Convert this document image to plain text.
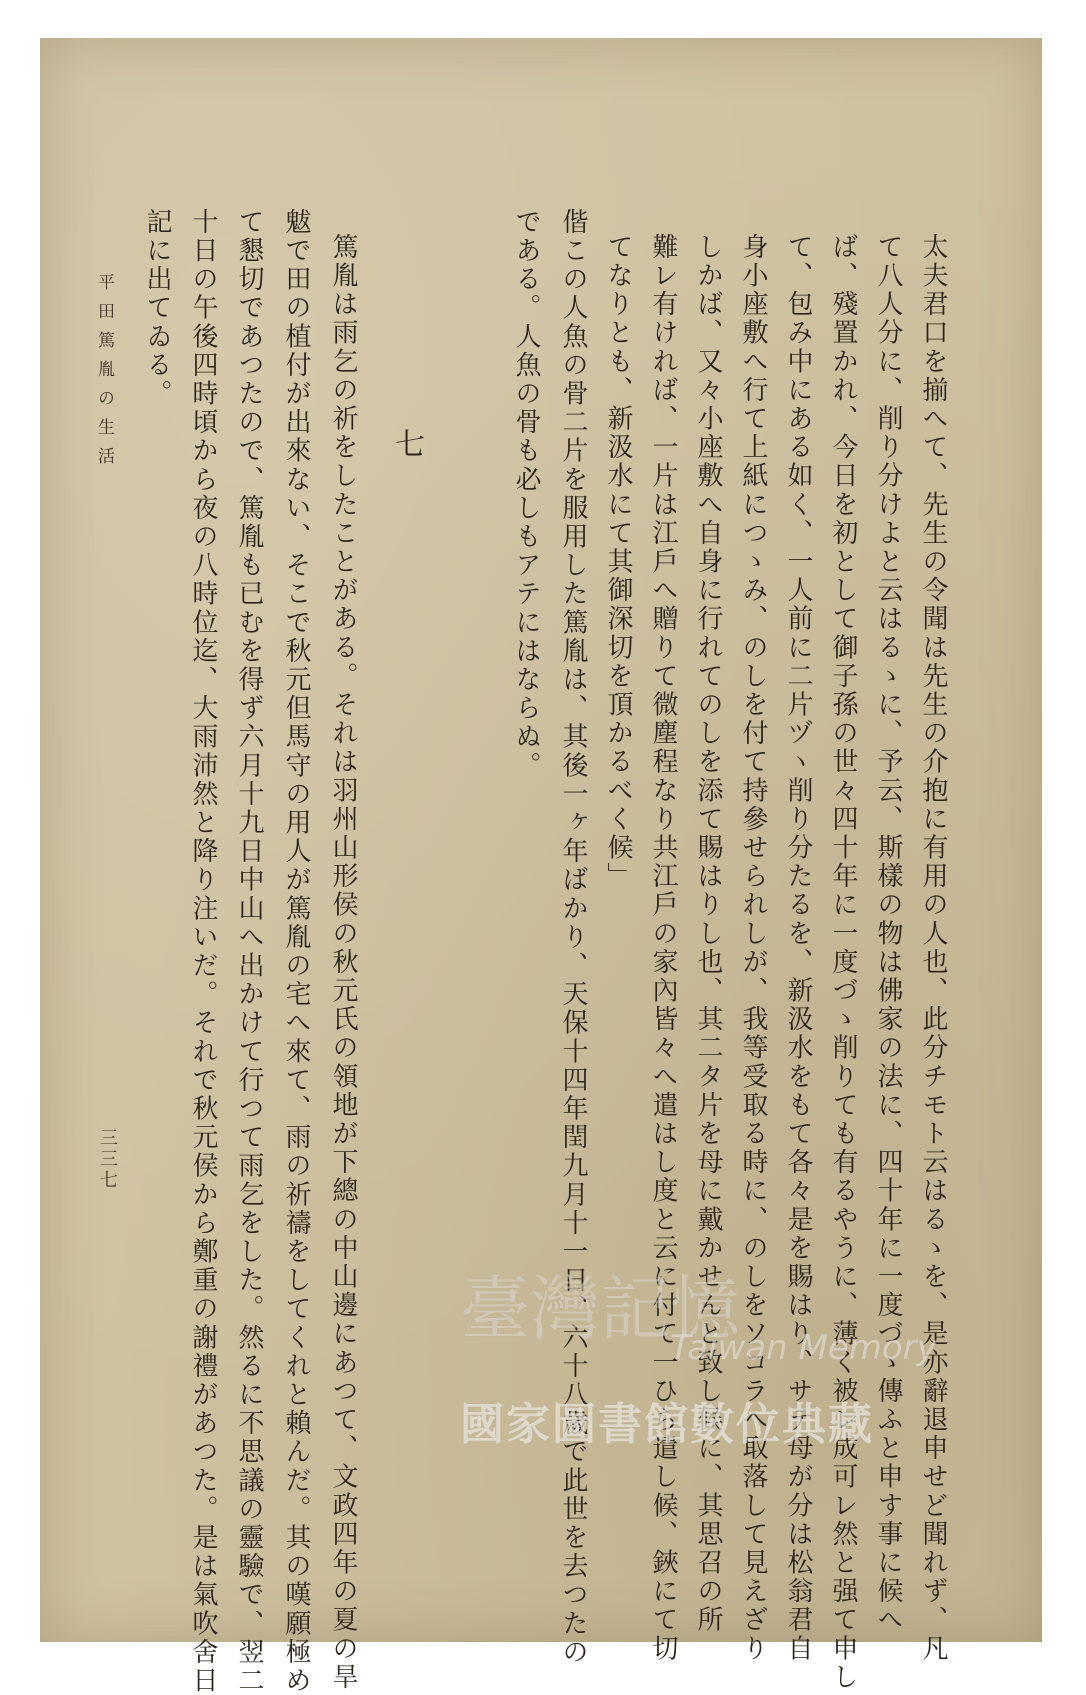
太夫君口を揃へて、先生の令聞は先生の介抱に有用の人也、此分チモト云はるゝを、是亦辭退申せど聞れず、凡
て八人分に、削り分けよと云はるゝに、予云、斯樣の物は佛家の法に、四十年に一度づゝ傳ふと申す事に候へ
ば、殘置かれ、今日を初として御子孫の世々四十年に一度づゝ削りても有るやうに、薄く被レ成可レ然と强て申し
て、包み中にある如く、一人前に二片ヅヽ削り分たるを、新汲水をもて各々是を賜はり、サテ母が分は松翁君自
身小座敷へ行て上紙につゝみ、のしを付て持參せられしが、我等受取る時に、のしをソコラへ取落して見えざり
しかば、又々小座敷へ自身に行れてのしを添て賜はりし也、其二タ片を母に戴かせんと致し候に、其思召の所
難レ有ければ、一片は江戶へ贈りて微塵程なり共江戶の家內皆々へ遣はし度と云に付て一ひら遣し候、鋏にて切
てなりとも、新汲水にて其御深切を頂かるべく候」
偕この人魚の骨二片を服用した篤胤は、其後一ヶ年ばかり、天保十四年閏九月十一日、六十八歲で此世を去つたの
である。人魚の骨も必しもアテにはならぬ。
七
篤胤は雨乞の祈をしたことがある。それは羽州山形侯の秋元氏の領地が下總の中山邊にあつて、文政四年の夏の旱
魃で田の植付が出來ない、そこで秋元但馬守の用人が篤胤の宅へ來て、雨の祈禱をしてくれと賴んだ。其の嘆願極め
て懇切であつたので、篤胤も已むを得ず六月十九日中山へ出かけて行つて雨乞をした。然るに不思議の靈驗で、翌二
十日の午後四時頃から夜の八時位迄、大雨沛然と降り注いだ。それで秋元侯から鄭重の謝禮があつた。是は氣吹舍日
記に出てゐる。
平田篤胤の生活
三三七
臺灣記憶
Taiwan Memory
國家圖書館數位典藏
